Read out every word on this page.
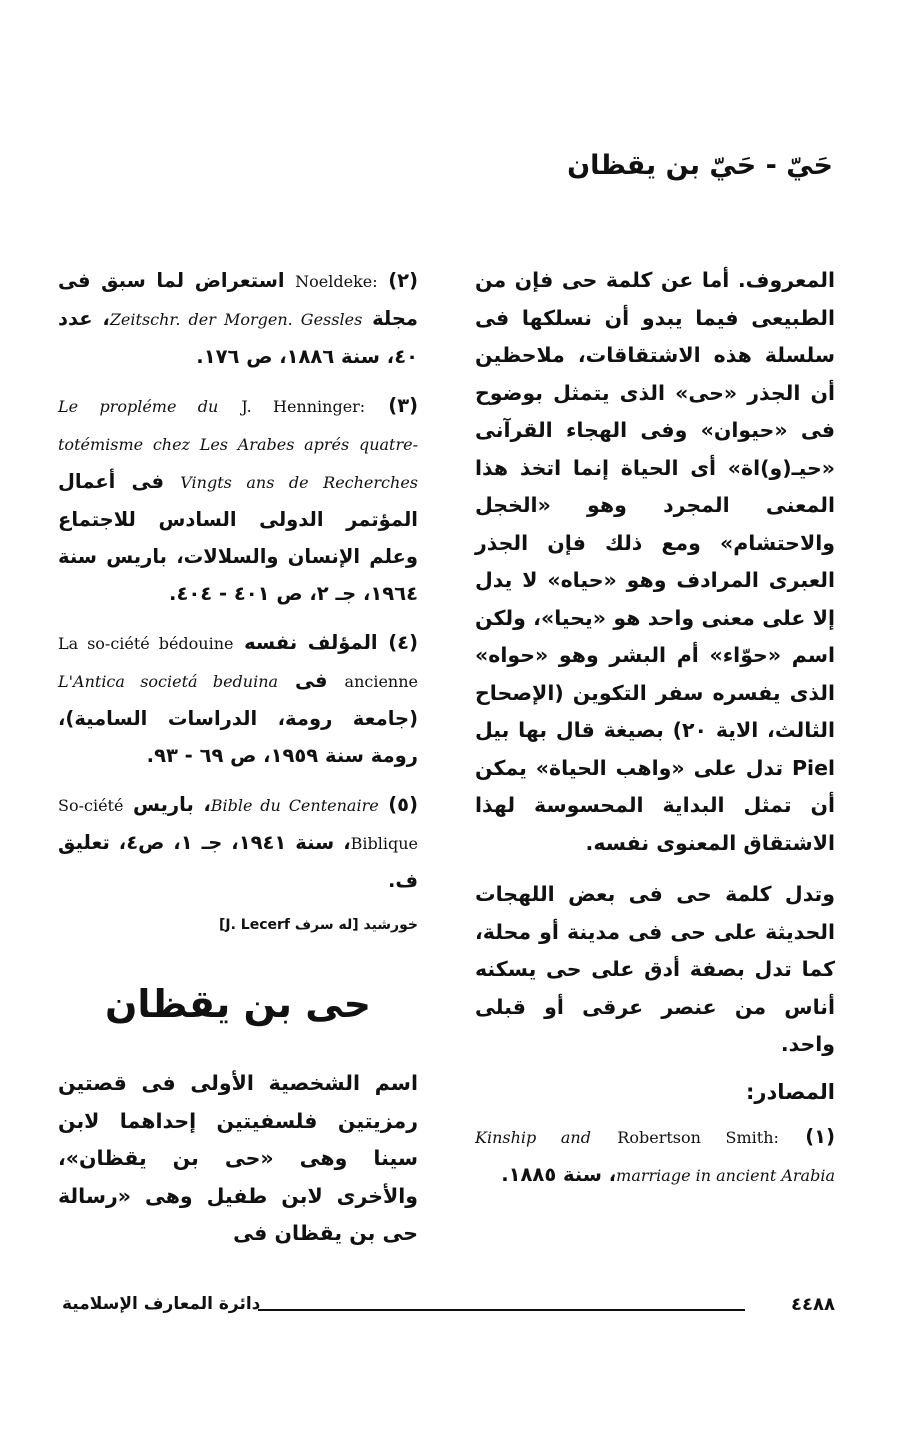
حَيّ - حَيّ بن يقظان

المعروف. أما عن كلمة حى فإن من الطبيعى فيما يبدو أن نسلكها فى سلسلة هذه الاشتقاقات، ملاحظين أن الجذر «حى» الذى يتمثل بوضوح فى «حيوان» وفى الهجاء القرآنى «حيـ(و)اة» أى الحياة إنما اتخذ هذا المعنى المجرد وهو «الخجل والاحتشام» ومع ذلك فإن الجذر العبرى المرادف وهو «حياه» لا يدل إلا على معنى واحد هو «يحيا»، ولكن اسم «حوّاء» أم البشر وهو «حواه» الذى يفسره سفر التكوين (الإصحاح الثالث، الاية ٢٠) بصيغة قال بها بيل Piel تدل على «واهب الحياة» يمكن أن تمثل البداية المحسوسة لهذا الاشتقاق المعنوى نفسه.

وتدل كلمة حى فى بعض اللهجات الحديثة على حى فى مدينة أو محلة، كما تدل بصفة أدق على حى يسكنه أناس من عنصر عرقى أو قبلى واحد.

المصادر:

(١) Robertson Smith: Kinship and marriage in ancient Arabia، سنة ١٨٨٥.

(٢) Noeldeke: استعراض لما سبق فى مجلة Zeitschr. der Morgen. Gessles، عدد ٤٠، سنة ١٨٨٦، ص ١٧٦.

(٣) J. Henninger: Le propléme du totémisme chez Les Arabes aprés quatre-Vingts ans de Recherches فى أعمال المؤتمر الدولى السادس للاجتماع وعلم الإنسان والسلالات، باريس سنة ١٩٦٤، جـ ٢، ص ٤٠١ - ٤٠٤.

(٤) المؤلف نفسه La so-ciété bédouine ancienne فى L'Antica societá beduina (جامعة رومة، الدراسات السامية)، رومة سنة ١٩٥٩، ص ٦٩ - ٩٣.

(٥) Bible du Centenaire، باريس So-ciété Biblique، سنة ١٩٤١، جـ ١، ص٤، تعليق ف.

خورشيد [له سرف J. Lecerf]
حى بن يقظان

اسم الشخصية الأولى فى قصتين رمزيتين فلسفيتين إحداهما لابن سينا وهى «حى بن يقظان»، والأخرى لابن طفيل وهى «رسالة حى بن يقظان فى

٤٤٨٨
دائرة المعارف الإسلامية
